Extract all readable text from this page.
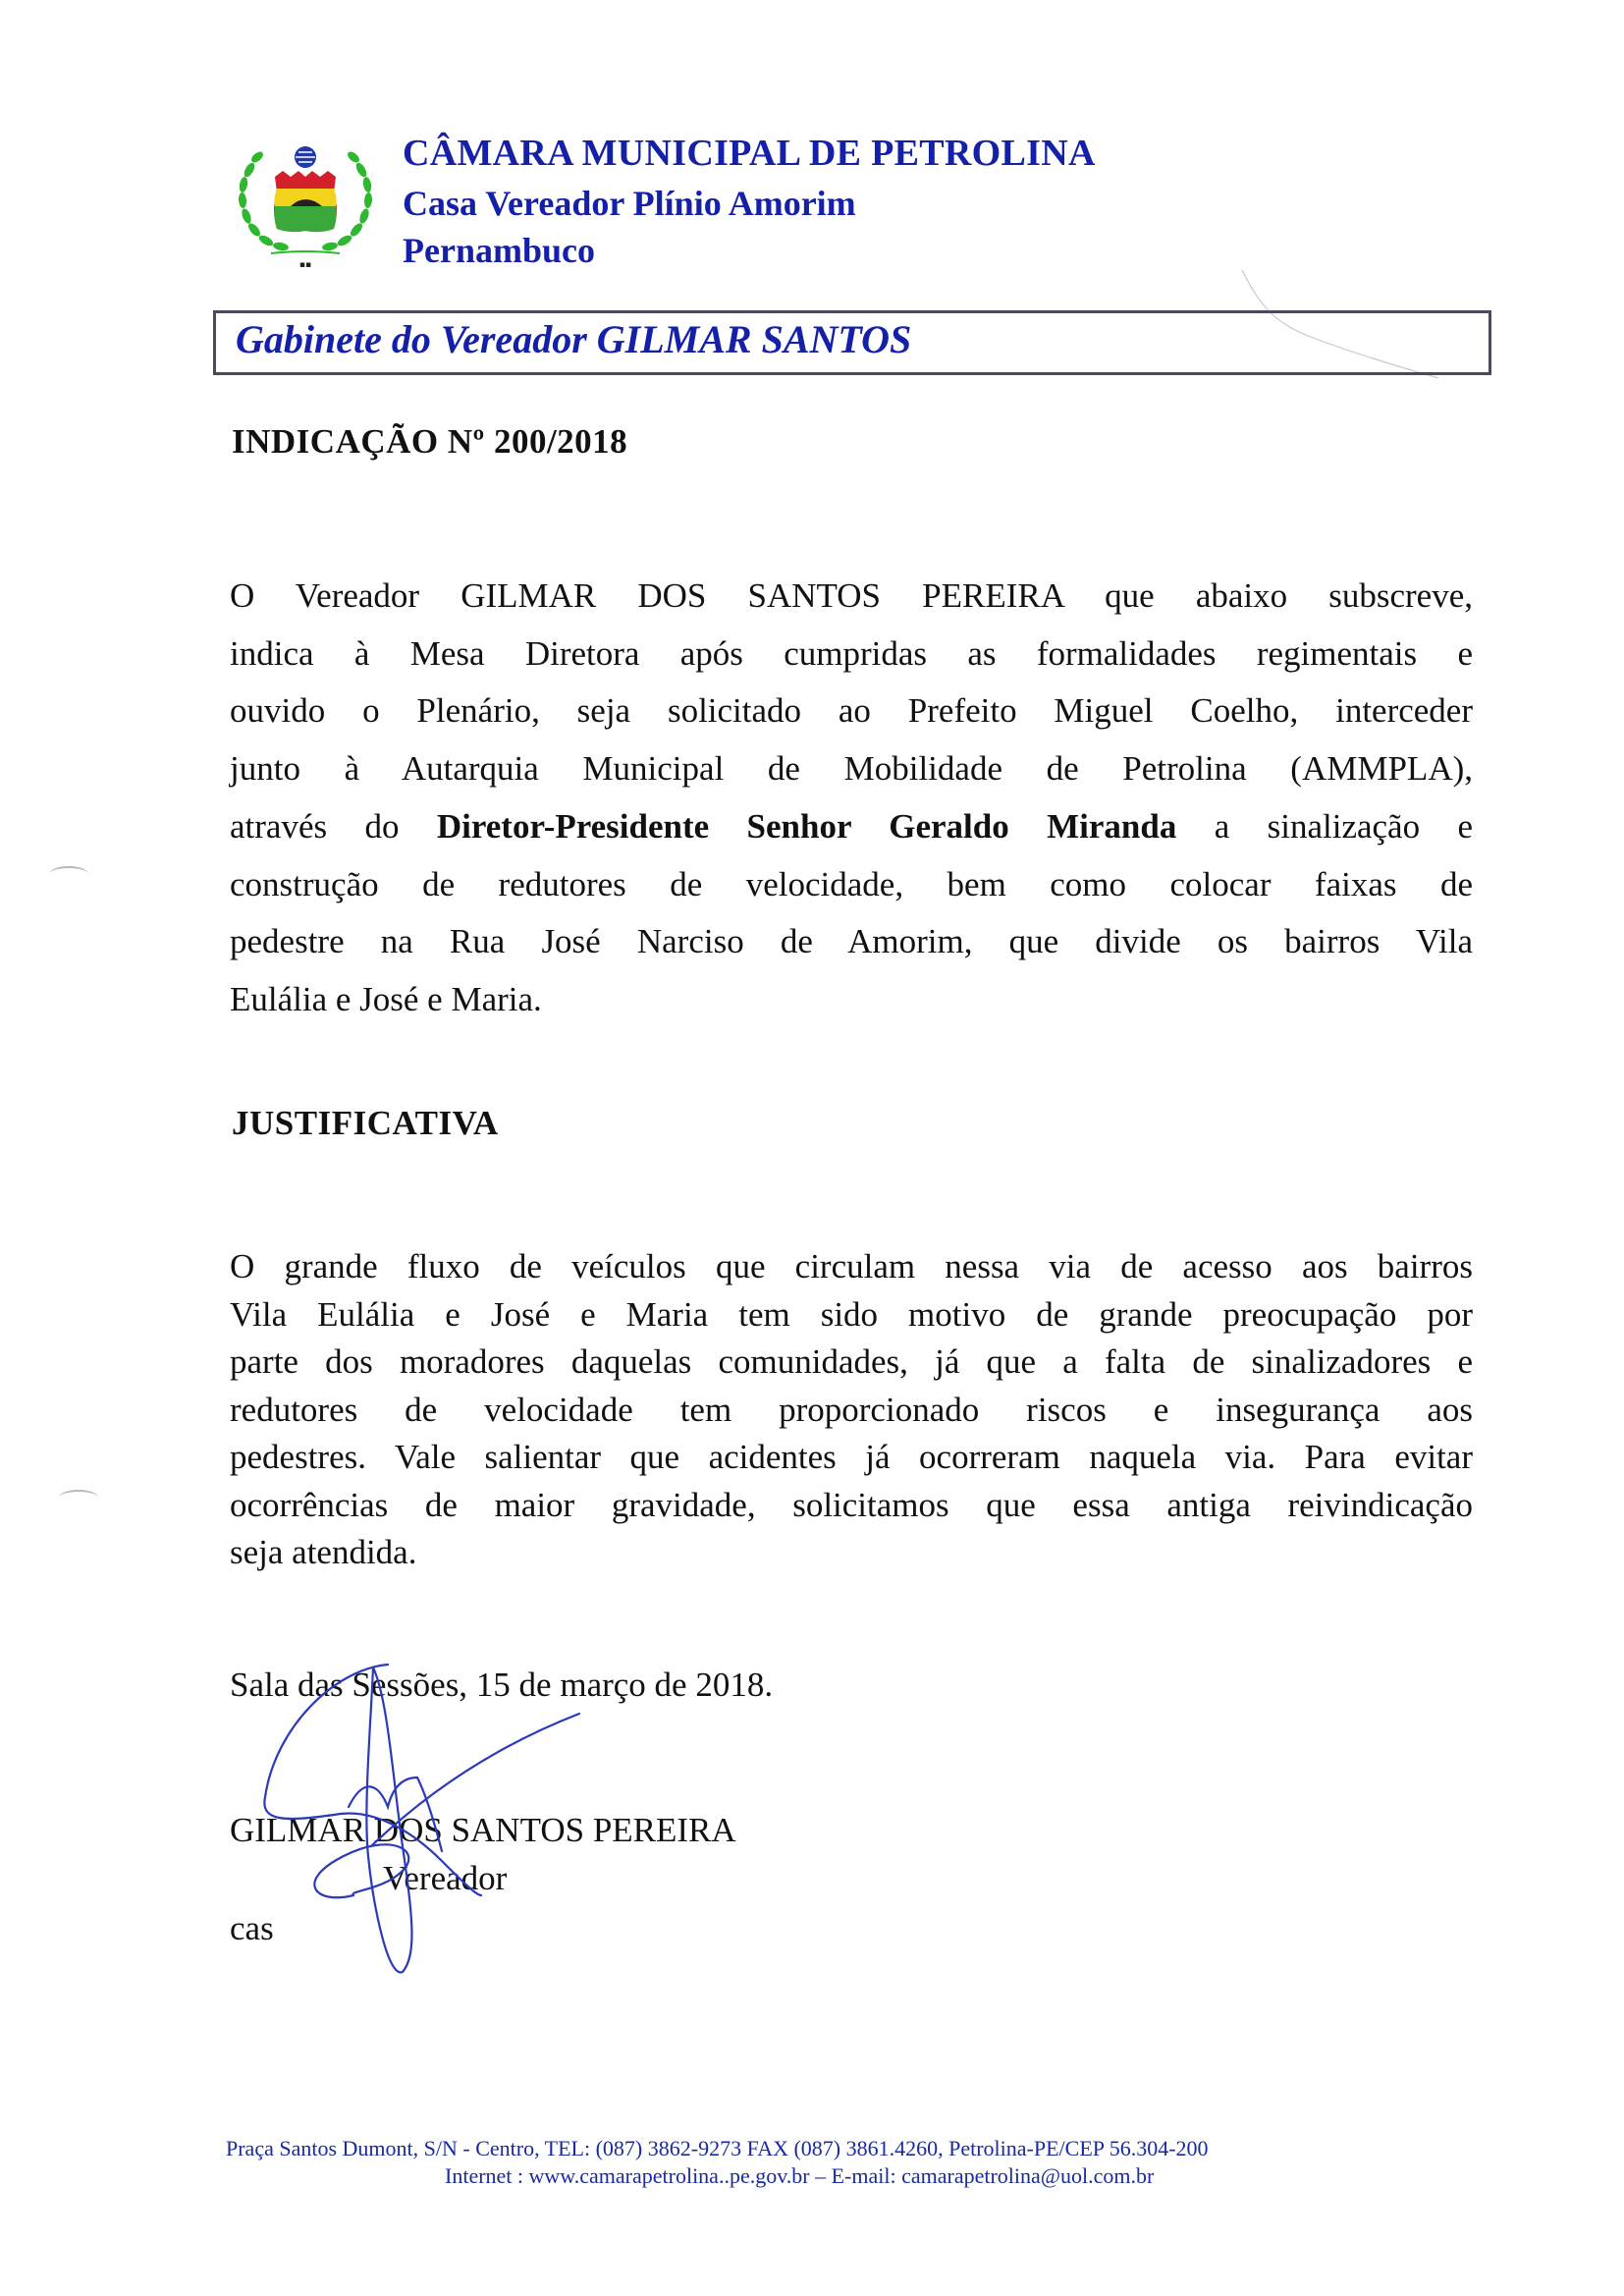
▪▪
CÂMARA MUNICIPAL DE PETROLINA
Casa Vereador Plínio Amorim
Pernambuco
Gabinete do Vereador GILMAR SANTOS
INDICAÇÃO Nº 200/2018
O Vereador GILMAR DOS SANTOS PEREIRA que abaixo subscreve,
indica à Mesa Diretora após cumpridas as formalidades regimentais e
ouvido o Plenário, seja solicitado ao Prefeito Miguel Coelho, interceder
junto à Autarquia Municipal de Mobilidade de Petrolina (AMMPLA),
através do Diretor-Presidente Senhor Geraldo Miranda a sinalização e
construção de redutores de velocidade, bem como colocar faixas de
pedestre na Rua José Narciso de Amorim, que divide os bairros Vila
Eulália e José e Maria.
JUSTIFICATIVA
O grande fluxo de veículos que circulam nessa via de acesso aos bairros
Vila Eulália e José e Maria tem sido motivo de grande preocupação por
parte dos moradores daquelas comunidades, já que a falta de sinalizadores e
redutores de velocidade tem proporcionado riscos e insegurança aos
pedestres. Vale salientar que acidentes já ocorreram naquela via. Para evitar
ocorrências de maior gravidade, solicitamos que essa antiga reivindicação
seja atendida.
Sala das Sessões, 15 de março de 2018.
GILMAR DOS SANTOS PEREIRA
Vereador
cas
Praça Santos Dumont, S/N - Centro, TEL: (087) 3862-9273 FAX (087) 3861.4260, Petrolina-PE/CEP 56.304-200
Internet : www.camarapetrolina..pe.gov.br – E-mail: camarapetrolina@uol.com.br
